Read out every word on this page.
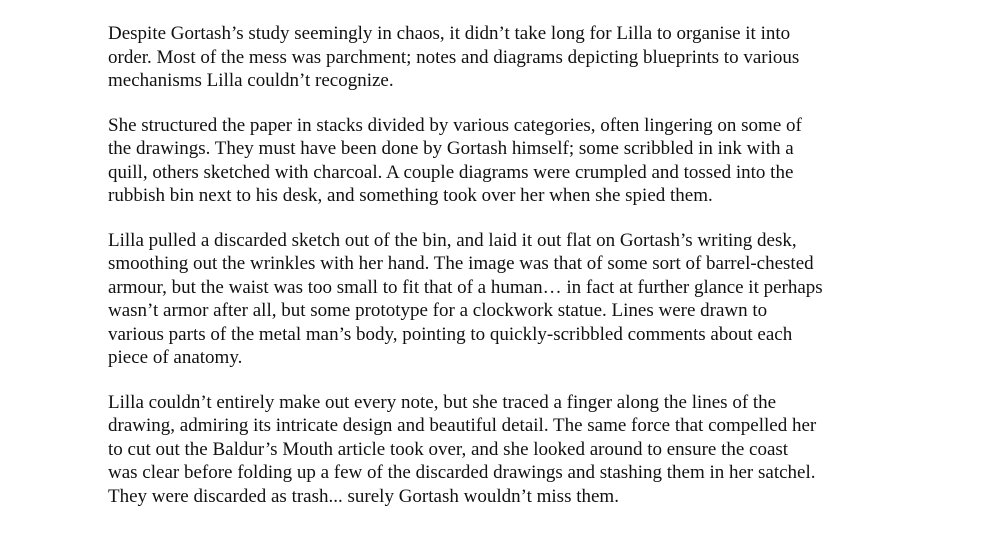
Despite Gortash’s study seemingly in chaos, it didn’t take long for Lilla to organise it into
order. Most of the mess was parchment; notes and diagrams depicting blueprints to various
mechanisms Lilla couldn’t recognize.

She structured the paper in stacks divided by various categories, often lingering on some of
the drawings. They must have been done by Gortash himself; some scribbled in ink with a
quill, others sketched with charcoal. A couple diagrams were crumpled and tossed into the
rubbish bin next to his desk, and something took over her when she spied them.

Lilla pulled a discarded sketch out of the bin, and laid it out flat on Gortash’s writing desk,
smoothing out the wrinkles with her hand. The image was that of some sort of barrel-chested
armour, but the waist was too small to fit that of a human… in fact at further glance it perhaps
wasn’t armor after all, but some prototype for a clockwork statue. Lines were drawn to
various parts of the metal man’s body, pointing to quickly-scribbled comments about each
piece of anatomy.

Lilla couldn’t entirely make out every note, but she traced a finger along the lines of the
drawing, admiring its intricate design and beautiful detail. The same force that compelled her
to cut out the Baldur’s Mouth article took over, and she looked around to ensure the coast
was clear before folding up a few of the discarded drawings and stashing them in her satchel.
They were discarded as trash... surely Gortash wouldn’t miss them.
